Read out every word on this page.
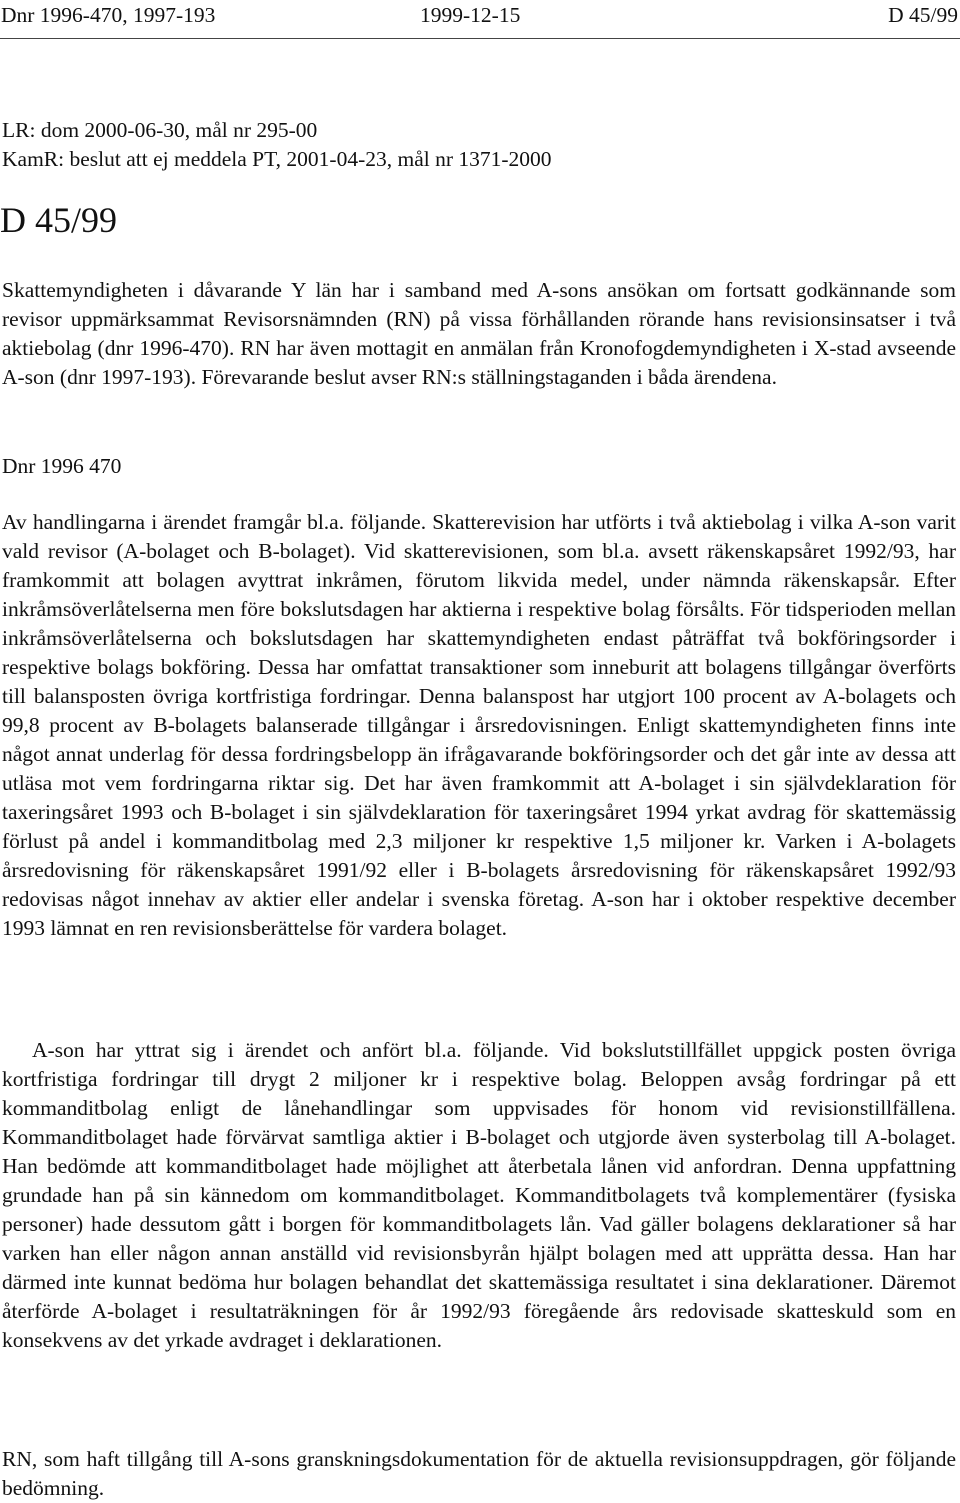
Dnr 1996-470, 1997-193	1999-12-15	D 45/99

LR: dom 2000-06-30, mål nr 295-00

KamR: beslut att ej meddela PT, 2001-04-23, mål nr 1371-2000

D 45/99

Skattemyndigheten i dåvarande Y län har i samband med A-sons ansökan om fortsatt godkännande som revisor uppmärksammat Revisorsnämnden (RN) på vissa förhållanden rörande hans revisionsinsatser i två aktiebolag (dnr 1996-470). RN har även mottagit en anmälan från Kronofogdemyndigheten i X-stad avseende A-son (dnr 1997-193). Förevarande beslut avser RN:s ställningstaganden i båda ärendena.

Dnr 1996 470

Av handlingarna i ärendet framgår bl.a. följande. Skatterevision har utförts i två aktiebolag i vilka A-son varit vald revisor (A-bolaget och B-bolaget). Vid skatterevisionen, som bl.a. avsett räkenskapsåret 1992/93, har framkommit att bolagen avyttrat inkråmen, förutom likvida medel, under nämnda räkenskapsår. Efter inkråmsöverlåtelserna men före bokslutsdagen har aktierna i respektive bolag försålts. För tidsperioden mellan inkråmsöverlåtelserna och bokslutsdagen har skattemyndigheten endast påträffat två bokföringsorder i respektive bolags bokföring. Dessa har omfattat transaktioner som inneburit att bolagens tillgångar överförts till balansposten övriga kortfristiga fordringar. Denna balanspost har utgjort 100 procent av A-bolagets och 99,8 procent av B-bolagets balanserade tillgångar i årsredovisningen. Enligt skattemyndigheten finns inte något annat underlag för dessa fordringsbelopp än ifrågavarande bokföringsorder och det går inte av dessa att utläsa mot vem fordringarna riktar sig. Det har även framkommit att A-bolaget i sin självdeklaration för taxeringsåret 1993 och B-bolaget i sin självdeklaration för taxeringsåret 1994 yrkat avdrag för skattemässig förlust på andel i kommanditbolag med 2,3 miljoner kr respektive 1,5 miljoner kr. Varken i A-bolagets årsredovisning för räkenskapsåret 1991/92 eller i B-bolagets årsredovisning för räkenskapsåret 1992/93 redovisas något innehav av aktier eller andelar i svenska företag. A-son har i oktober respektive december 1993 lämnat en ren revisionsberättelse för vardera bolaget.

A-son har yttrat sig i ärendet och anfört bl.a. följande. Vid bokslutstillfället uppgick posten övriga kortfristiga fordringar till drygt 2 miljoner kr i respektive bolag. Beloppen avsåg fordringar på ett kommanditbolag enligt de lånehandlingar som uppvisades för honom vid revisionstillfällena. Kommanditbolaget hade förvärvat samtliga aktier i B-bolaget och utgjorde även systerbolag till A-bolaget. Han bedömde att kommanditbolaget hade möjlighet att återbetala lånen vid anfordran. Denna uppfattning grundade han på sin kännedom om kommanditbolaget. Kommanditbolagets två komplementärer (fysiska personer) hade dessutom gått i borgen för kommanditbolagets lån. Vad gäller bolagens deklarationer så har varken han eller någon annan anställd vid revisionsbyrån hjälpt bolagen med att upprätta dessa. Han har därmed inte kunnat bedöma hur bolagen behandlat det skattemässiga resultatet i sina deklarationer. Däremot återförde A-bolaget i resultaträkningen för år 1992/93 föregående års redovisade skatteskuld som en konsekvens av det yrkade avdraget i deklarationen.

RN, som haft tillgång till A-sons granskningsdokumentation för de aktuella revisionsuppdragen, gör följande bedömning.
